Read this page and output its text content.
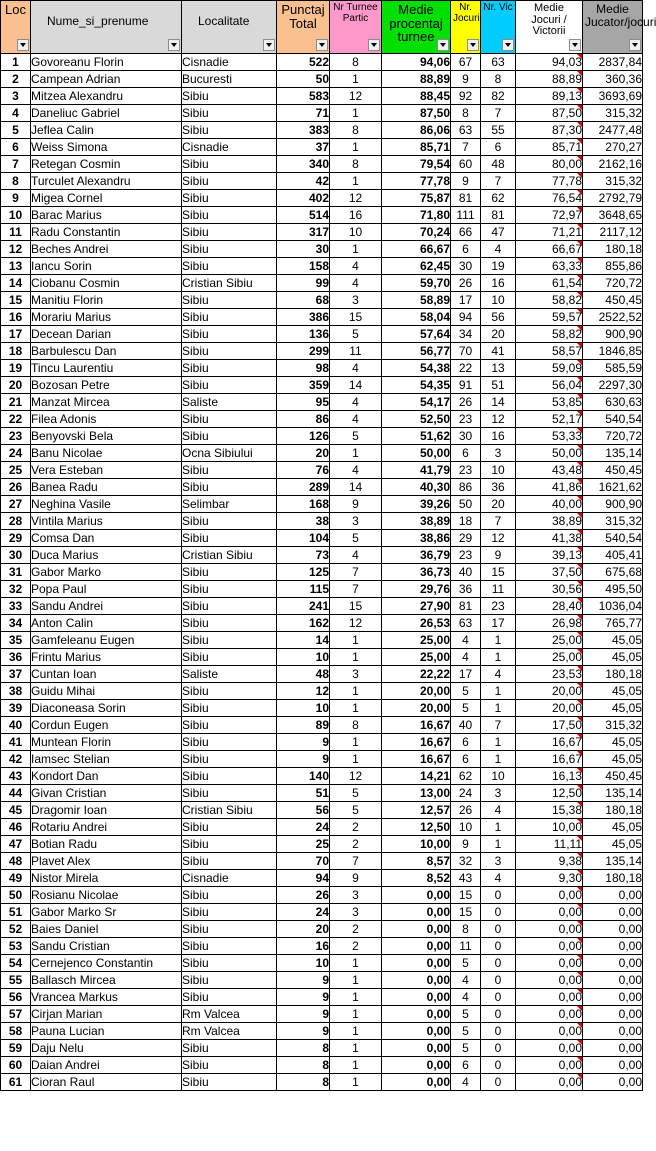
Loc	Nume_si_prenume	Localitate	Punctaj Total	Nr Turnee Partic	Medie procentaj turnee	Nr. Jocuri	Nr. Vic	Medie Jocuri / Victorii	Medie Jucator/jocuri

1	Govoreanu Florin	Cisnadie	522	8	94,06	67	63	94,03	2837,84
2	Campean Adrian	Bucuresti	50	1	88,89	9	8	88,89	360,36
3	Mitzea Alexandru	Sibiu	583	12	88,45	92	82	89,13	3693,69
4	Daneliuc Gabriel	Sibiu	71	1	87,50	8	7	87,50	315,32
5	Jeflea Calin	Sibiu	383	8	86,06	63	55	87,30	2477,48
6	Weiss Simona	Cisnadie	37	1	85,71	7	6	85,71	270,27
7	Retegan Cosmin	Sibiu	340	8	79,54	60	48	80,00	2162,16
8	Turculet Alexandru	Sibiu	42	1	77,78	9	7	77,78	315,32
9	Migea Cornel	Sibiu	402	12	75,87	81	62	76,54	2792,79
10	Barac Marius	Sibiu	514	16	71,80	111	81	72,97	3648,65
11	Radu Constantin	Sibiu	317	10	70,24	66	47	71,21	2117,12
12	Beches Andrei	Sibiu	30	1	66,67	6	4	66,67	180,18
13	Iancu Sorin	Sibiu	158	4	62,45	30	19	63,33	855,86
14	Ciobanu Cosmin	Cristian Sibiu	99	4	59,70	26	16	61,54	720,72
15	Manitiu Florin	Sibiu	68	3	58,89	17	10	58,82	450,45
16	Morariu Marius	Sibiu	386	15	58,04	94	56	59,57	2522,52
17	Decean Darian	Sibiu	136	5	57,64	34	20	58,82	900,90
18	Barbulescu Dan	Sibiu	299	11	56,77	70	41	58,57	1846,85
19	Tincu Laurentiu	Sibiu	98	4	54,38	22	13	59,09	585,59
20	Bozosan Petre	Sibiu	359	14	54,35	91	51	56,04	2297,30
21	Manzat Mircea	Saliste	95	4	54,17	26	14	53,85	630,63
22	Filea Adonis	Sibiu	86	4	52,50	23	12	52,17	540,54
23	Benyovski Bela	Sibiu	126	5	51,62	30	16	53,33	720,72
24	Banu Nicolae	Ocna Sibiului	20	1	50,00	6	3	50,00	135,14
25	Vera Esteban	Sibiu	76	4	41,79	23	10	43,48	450,45
26	Banea Radu	Sibiu	289	14	40,30	86	36	41,86	1621,62
27	Neghina Vasile	Selimbar	168	9	39,26	50	20	40,00	900,90
28	Vintila Marius	Sibiu	38	3	38,89	18	7	38,89	315,32
29	Comsa Dan	Sibiu	104	5	38,86	29	12	41,38	540,54
30	Duca Marius	Cristian Sibiu	73	4	36,79	23	9	39,13	405,41
31	Gabor Marko	Sibiu	125	7	36,73	40	15	37,50	675,68
32	Popa Paul	Sibiu	115	7	29,76	36	11	30,56	495,50
33	Sandu Andrei	Sibiu	241	15	27,90	81	23	28,40	1036,04
34	Anton Calin	Sibiu	162	12	26,53	63	17	26,98	765,77
35	Gamfeleanu Eugen	Sibiu	14	1	25,00	4	1	25,00	45,05
36	Frintu Marius	Sibiu	10	1	25,00	4	1	25,00	45,05
37	Cuntan Ioan	Saliste	48	3	22,22	17	4	23,53	180,18
38	Guidu Mihai	Sibiu	12	1	20,00	5	1	20,00	45,05
39	Diaconeasa Sorin	Sibiu	10	1	20,00	5	1	20,00	45,05
40	Cordun Eugen	Sibiu	89	8	16,67	40	7	17,50	315,32
41	Muntean Florin	Sibiu	9	1	16,67	6	1	16,67	45,05
42	Iamsec Stelian	Sibiu	9	1	16,67	6	1	16,67	45,05
43	Kondort Dan	Sibiu	140	12	14,21	62	10	16,13	450,45
44	Givan Cristian	Sibiu	51	5	13,00	24	3	12,50	135,14
45	Dragomir Ioan	Cristian Sibiu	56	5	12,57	26	4	15,38	180,18
46	Rotariu Andrei	Sibiu	24	2	12,50	10	1	10,00	45,05
47	Botian Radu	Sibiu	25	2	10,00	9	1	11,11	45,05
48	Plavet Alex	Sibiu	70	7	8,57	32	3	9,38	135,14
49	Nistor Mirela	Cisnadie	94	9	8,52	43	4	9,30	180,18
50	Rosianu Nicolae	Sibiu	26	3	0,00	15	0	0,00	0,00
51	Gabor Marko Sr	Sibiu	24	3	0,00	15	0	0,00	0,00
52	Baies Daniel	Sibiu	20	2	0,00	8	0	0,00	0,00
53	Sandu Cristian	Sibiu	16	2	0,00	11	0	0,00	0,00
54	Cernejenco Constantin	Sibiu	10	1	0,00	5	0	0,00	0,00
55	Ballasch Mircea	Sibiu	9	1	0,00	4	0	0,00	0,00
56	Vrancea Markus	Sibiu	9	1	0,00	4	0	0,00	0,00
57	Cirjan Marian	Rm Valcea	9	1	0,00	5	0	0,00	0,00
58	Pauna Lucian	Rm Valcea	9	1	0,00	5	0	0,00	0,00
59	Daju Nelu	Sibiu	8	1	0,00	5	0	0,00	0,00
60	Daian Andrei	Sibiu	8	1	0,00	6	0	0,00	0,00
61	Cioran Raul	Sibiu	8	1	0,00	4	0	0,00	0,00
